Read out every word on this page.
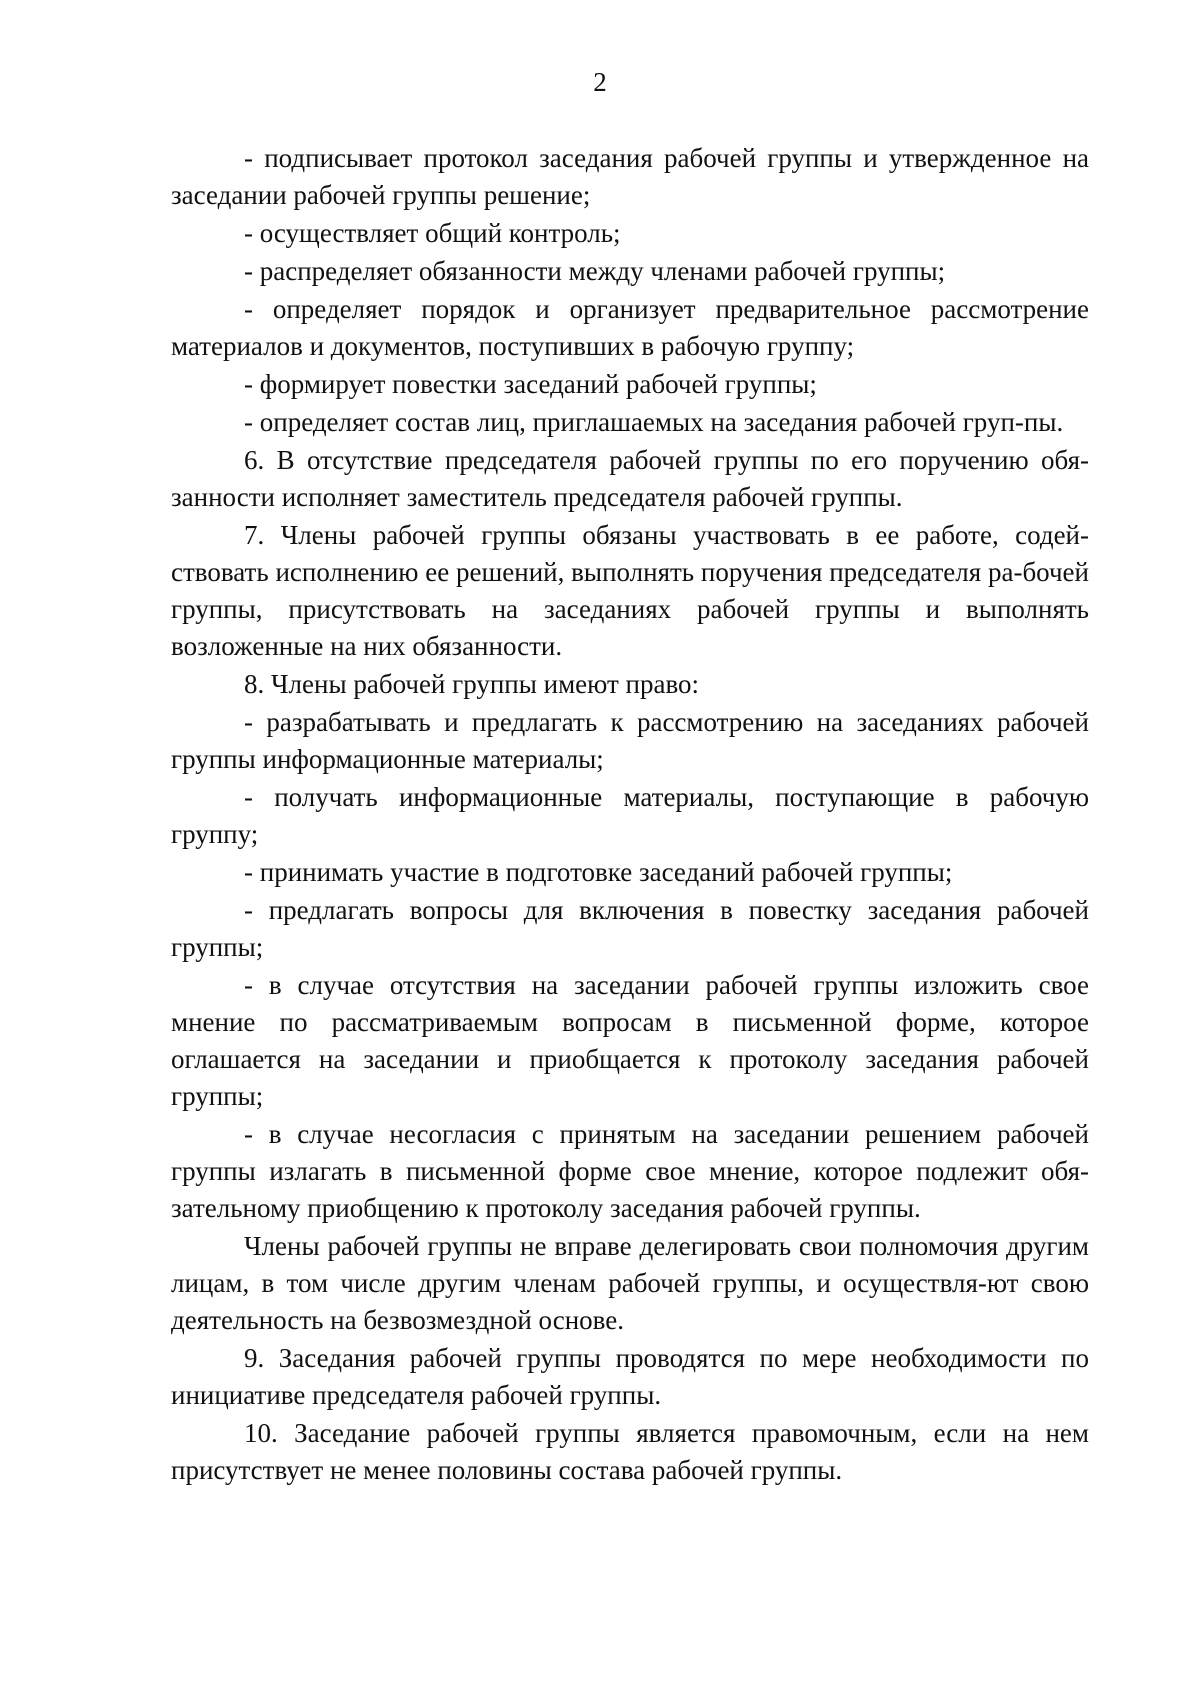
2

- подписывает протокол заседания рабочей группы и утвержденное на заседании рабочей группы решение;

- осуществляет общий контроль;

- распределяет обязанности между членами рабочей группы;

- определяет порядок и организует предварительное рассмотрение материалов и документов, поступивших в рабочую группу;

- формирует повестки заседаний рабочей группы;

- определяет состав лиц, приглашаемых на заседания рабочей груп-пы.

6. В отсутствие председателя рабочей группы по его поручению обя-занности исполняет заместитель председателя рабочей группы.

7. Члены рабочей группы обязаны участвовать в ее работе, содей-ствовать исполнению ее решений, выполнять поручения председателя ра-бочей группы, присутствовать на заседаниях рабочей группы и выполнять возложенные на них обязанности.

8. Члены рабочей группы имеют право:

- разрабатывать и предлагать к рассмотрению на заседаниях рабочей группы информационные материалы;

- получать информационные материалы, поступающие в рабочую группу;

- принимать участие в подготовке заседаний рабочей группы;

- предлагать вопросы для включения в повестку заседания рабочей группы;

- в случае отсутствия на заседании рабочей группы изложить свое мнение по рассматриваемым вопросам в письменной форме, которое оглашается на заседании и приобщается к протоколу заседания рабочей группы;

- в случае несогласия с принятым на заседании решением рабочей группы излагать в письменной форме свое мнение, которое подлежит обя-зательному приобщению к протоколу заседания рабочей группы.

Члены рабочей группы не вправе делегировать свои полномочия другим лицам, в том числе другим членам рабочей группы, и осуществля-ют свою деятельность на безвозмездной основе.

9. Заседания рабочей группы проводятся по мере необходимости по инициативе председателя рабочей группы.

10. Заседание рабочей группы является правомочным, если на нем присутствует не менее половины состава рабочей группы.
